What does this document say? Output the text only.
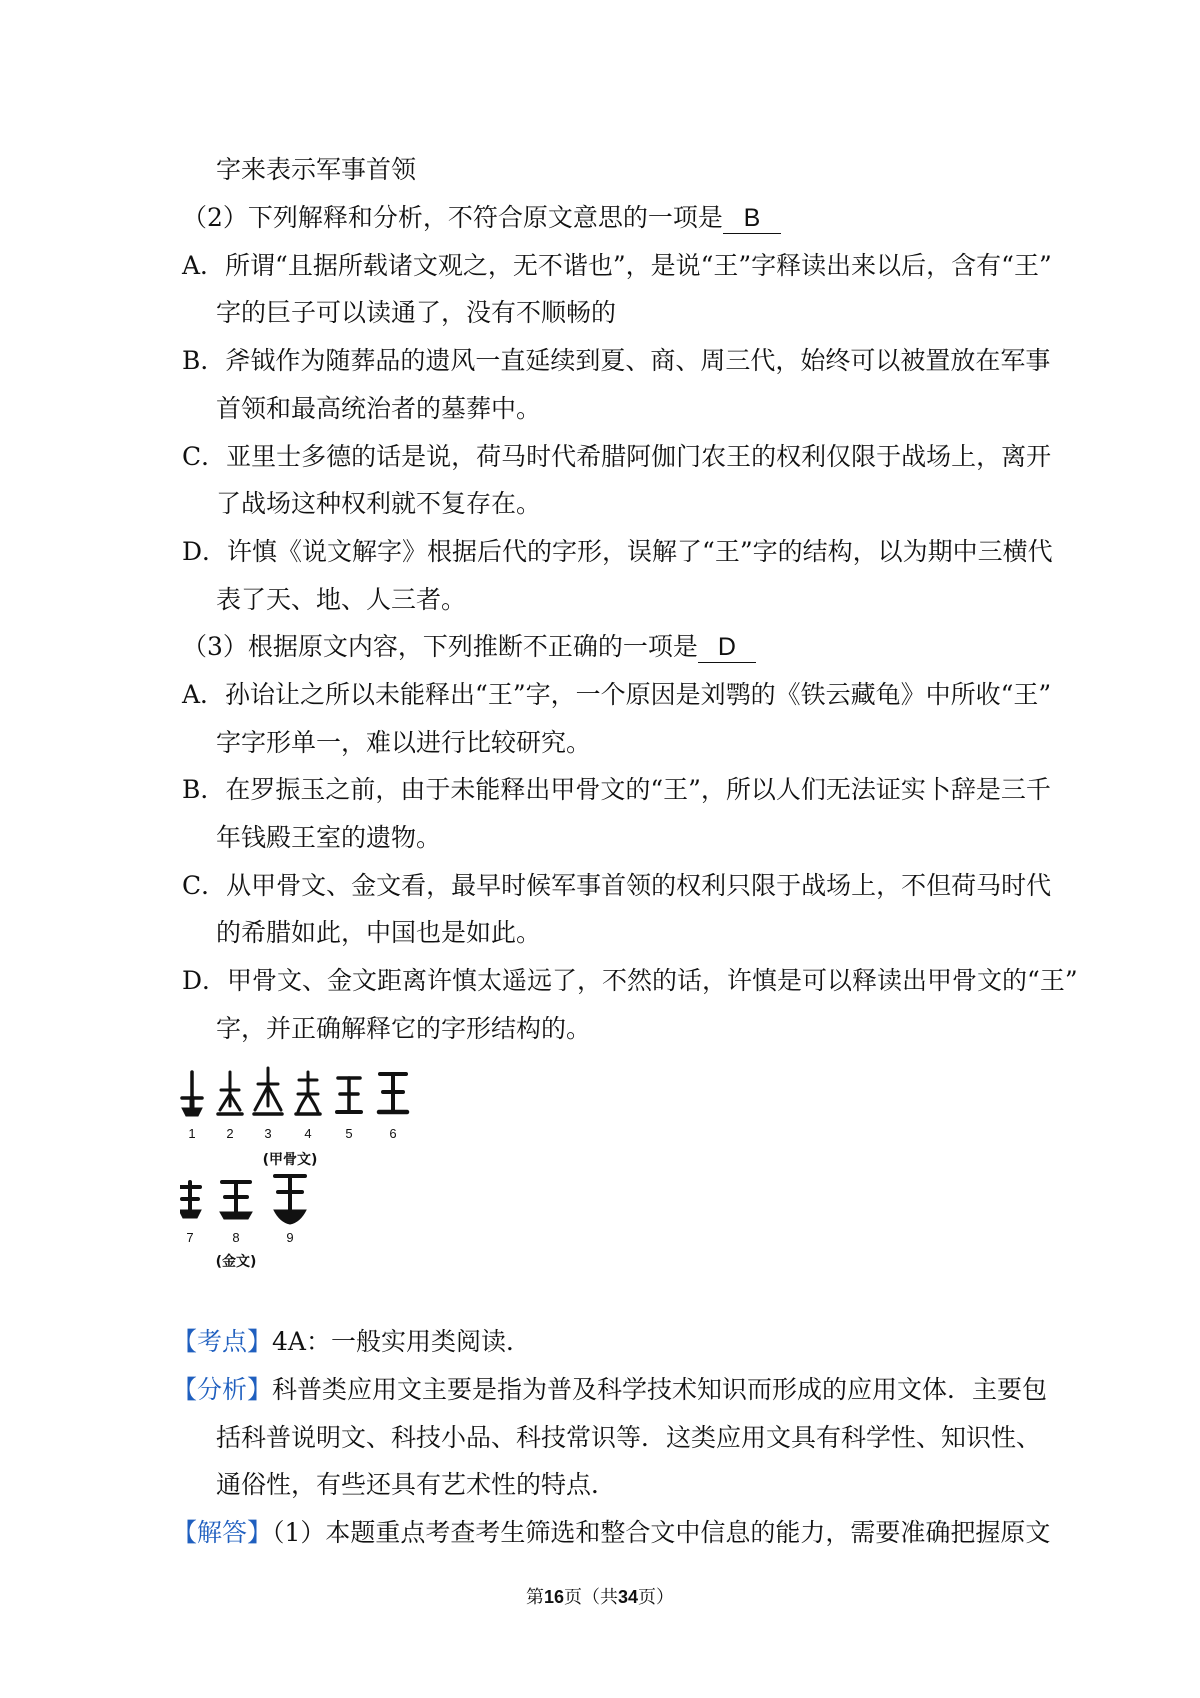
字来表示军事首领
（2）下列解释和分析，不符合原文意思的一项是 B
A．所谓“且据所载诸文观之，无不谐也”，是说“王”字释读出来以后，含有“王”
字的巨子可以读通了，没有不顺畅的
B．斧钺作为随葬品的遗风一直延续到夏、商、周三代，始终可以被置放在军事
首领和最高统治者的墓葬中。
C．亚里士多德的话是说，荷马时代希腊阿伽门农王的权利仅限于战场上，离开
了战场这种权利就不复存在。
D．许慎《说文解字》根据后代的字形，误解了“王”字的结构，以为期中三横代
表了天、地、人三者。
（3）根据原文内容，下列推断不正确的一项是 D
A．孙诒让之所以未能释出“王”字，一个原因是刘鹗的《铁云藏龟》中所收“王”
字字形单一，难以进行比较研究。
B．在罗振玉之前，由于未能释出甲骨文的“王”，所以人们无法证实卜辞是三千
年钱殿王室的遗物。
C．从甲骨文、金文看，最早时候军事首领的权利只限于战场上，不但荷马时代
的希腊如此，中国也是如此。
D．甲骨文、金文距离许慎太遥远了，不然的话，许慎是可以释读出甲骨文的“王”
字，并正确解释它的字形结构的。
1 2 3	4	5	6
7	8	9
(甲骨文)
(金文)
【考点】4A：一般实用类阅读．
【分析】科普类应用文主要是指为普及科学技术知识而形成的应用文体．主要包
括科普说明文、科技小品、科技常识等．这类应用文具有科学性、知识性、
通俗性，有些还具有艺术性的特点．
【解答】（1）本题重点考查考生筛选和整合文中信息的能力，需要准确把握原文
第16页（共34页）
